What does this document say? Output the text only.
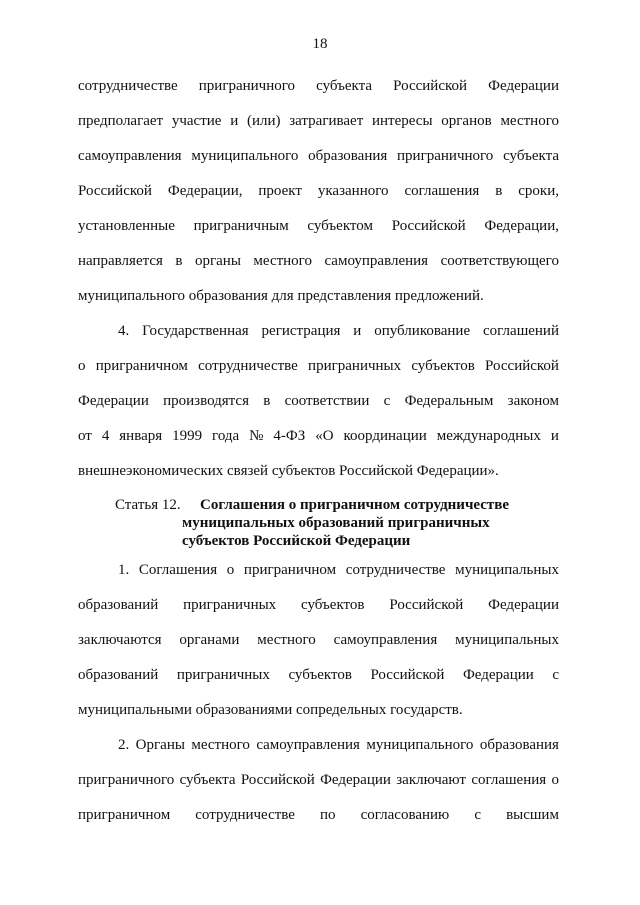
18
сотрудничестве приграничного субъекта Российской Федерации
предполагает участие и (или) затрагивает интересы органов местного
самоуправления муниципального образования приграничного субъекта
Российской Федерации, проект указанного соглашения в сроки,
установленные приграничным субъектом Российской Федерации,
направляется в органы местного самоуправления соответствующего
муниципального образования для представления предложений.
4. Государственная регистрация и опубликование соглашений
о приграничном сотрудничестве приграничных субъектов Российской
Федерации производятся в соответствии с Федеральным законом
от 4 января 1999 года № 4-ФЗ «О координации международных и
внешнеэкономических связей субъектов Российской Федерации».
Статья 12. Соглашения о приграничном сотрудничестве
муниципальных образований приграничных
субъектов Российской Федерации
1. Соглашения о приграничном сотрудничестве муниципальных
образований приграничных субъектов Российской Федерации
заключаются органами местного самоуправления муниципальных
образований приграничных субъектов Российской Федерации с
муниципальными образованиями сопредельных государств.
2. Органы местного самоуправления муниципального образования
приграничного субъекта Российской Федерации заключают соглашения о
приграничном сотрудничестве по согласованию с высшим
